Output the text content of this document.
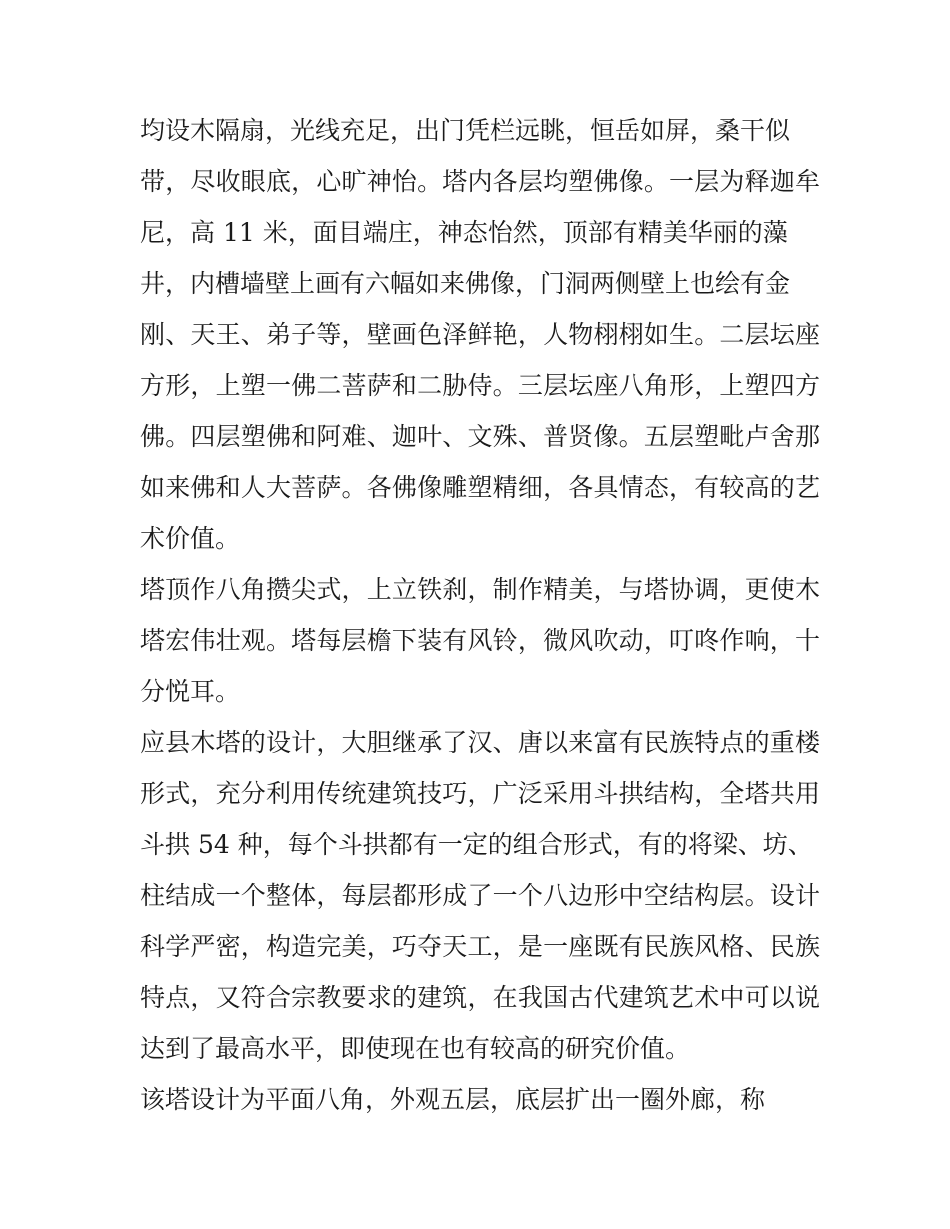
均设木隔扇，光线充足，出门凭栏远眺，恒岳如屏，桑干似
带，尽收眼底，心旷神怡。塔内各层均塑佛像。一层为释迦牟
尼，高 11 米，面目端庄，神态怡然，顶部有精美华丽的藻
井，内槽墙壁上画有六幅如来佛像，门洞两侧壁上也绘有金
刚、天王、弟子等，壁画色泽鲜艳，人物栩栩如生。二层坛座
方形，上塑一佛二菩萨和二胁侍。三层坛座八角形，上塑四方
佛。四层塑佛和阿难、迦叶、文殊、普贤像。五层塑毗卢舍那
如来佛和人大菩萨。各佛像雕塑精细，各具情态，有较高的艺
术价值。
塔顶作八角攒尖式，上立铁刹，制作精美，与塔协调，更使木
塔宏伟壮观。塔每层檐下装有风铃，微风吹动，叮咚作响，十
分悦耳。
应县木塔的设计，大胆继承了汉、唐以来富有民族特点的重楼
形式，充分利用传统建筑技巧，广泛采用斗拱结构，全塔共用
斗拱 54 种，每个斗拱都有一定的组合形式，有的将梁、坊、
柱结成一个整体，每层都形成了一个八边形中空结构层。设计
科学严密，构造完美，巧夺天工，是一座既有民族风格、民族
特点，又符合宗教要求的建筑，在我国古代建筑艺术中可以说
达到了最高水平，即使现在也有较高的研究价值。
该塔设计为平面八角，外观五层，底层扩出一圈外廊，称
